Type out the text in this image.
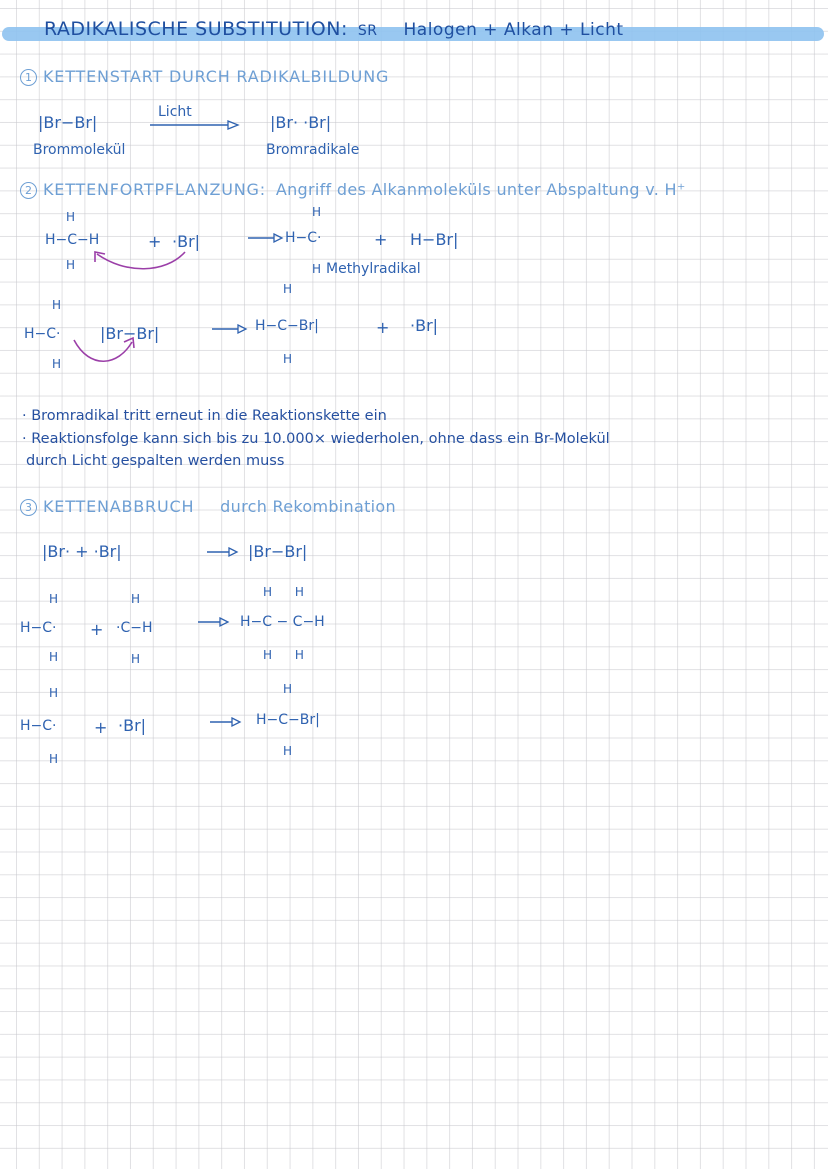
RADIKALISCHE SUBSTITUTION: SR Halogen + Alkan + Licht
1 KETTENSTART DURCH RADIKALBILDUNG
|Br−Br|
Licht
|Br· ·Br|
Brommolekül	Bromradikale
2 KETTENFORTPFLANZUNG: Angriff des Alkanmoleküls unter Abspaltung v. H⁺
H
H−C−H
H
+ ·Br|
H
H−C·
H
+ H−Br|
Methylradikal
H
H−C·
H
|Br−Br|
H
H−C−Br|
H
+ ·Br|
· Bromradikal tritt erneut in die Reaktionskette ein
· Reaktionsfolge kann sich bis zu 10.000× wiederholen, ohne dass ein Br-Molekül
durch Licht gespalten werden muss
3 KETTENABBRUCH durch Rekombination
|Br· + ·Br|	→ |Br−Br|
H
H−C·
H
+
H
·C−H
H
H      H
H−C − C−H
H      H
H
H−C·
H
+ ·Br|
H
H−C−Br|
H
